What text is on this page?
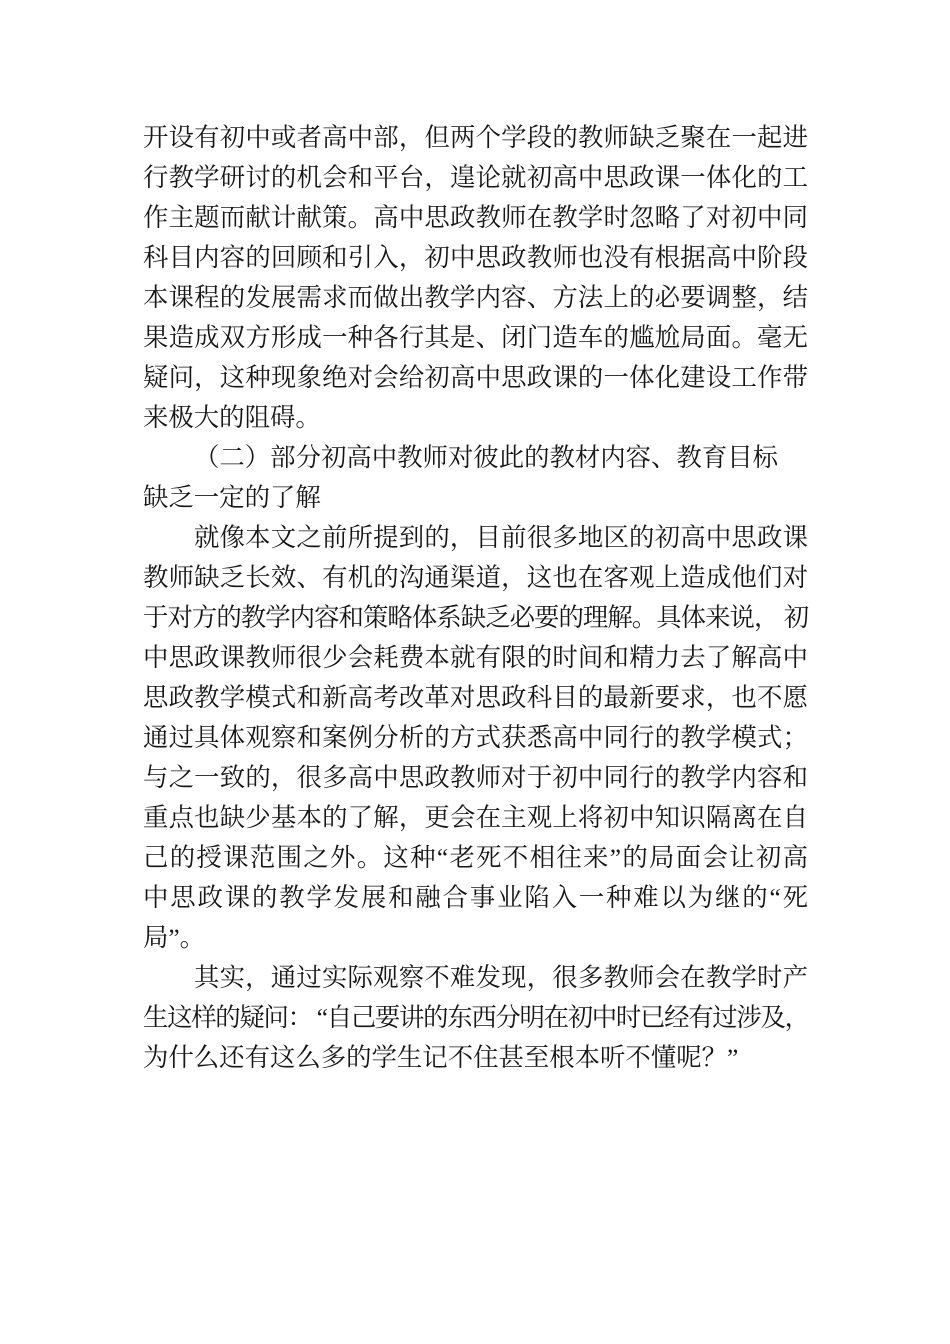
开设有初中或者高中部，但两个学段的教师缺乏聚在一起进
行教学研讨的机会和平台，遑论就初高中思政课一体化的工
作主题而献计献策。高中思政教师在教学时忽略了对初中同
科目内容的回顾和引入，初中思政教师也没有根据高中阶段
本课程的发展需求而做出教学内容、方法上的必要调整，结
果造成双方形成一种各行其是、闭门造车的尴尬局面。毫无
疑问，这种现象绝对会给初高中思政课的一体化建设工作带
来极大的阻碍。
（二）部分初高中教师对彼此的教材内容、教育目标
缺乏一定的了解
就像本文之前所提到的，目前很多地区的初高中思政课
教师缺乏长效、有机的沟通渠道，这也在客观上造成他们对
于对方的教学内容和策略体系缺乏必要的理解。具体来说， 初
中思政课教师很少会耗费本就有限的时间和精力去了解高中
思政教学模式和新高考改革对思政科目的最新要求，也不愿
通过具体观察和案例分析的方式获悉高中同行的教学模式；
与之一致的，很多高中思政教师对于初中同行的教学内容和
重点也缺少基本的了解，更会在主观上将初中知识隔离在自
己的授课范围之外。这种“老死不相往来”的局面会让初高
中思政课的教学发展和融合事业陷入一种难以为继的“死
局”。
其实，通过实际观察不难发现，很多教师会在教学时产
生这样的疑问： “自己要讲的东西分明在初中时已经有过涉及，
为什么还有这么多的学生记不住甚至根本听不懂呢？”
